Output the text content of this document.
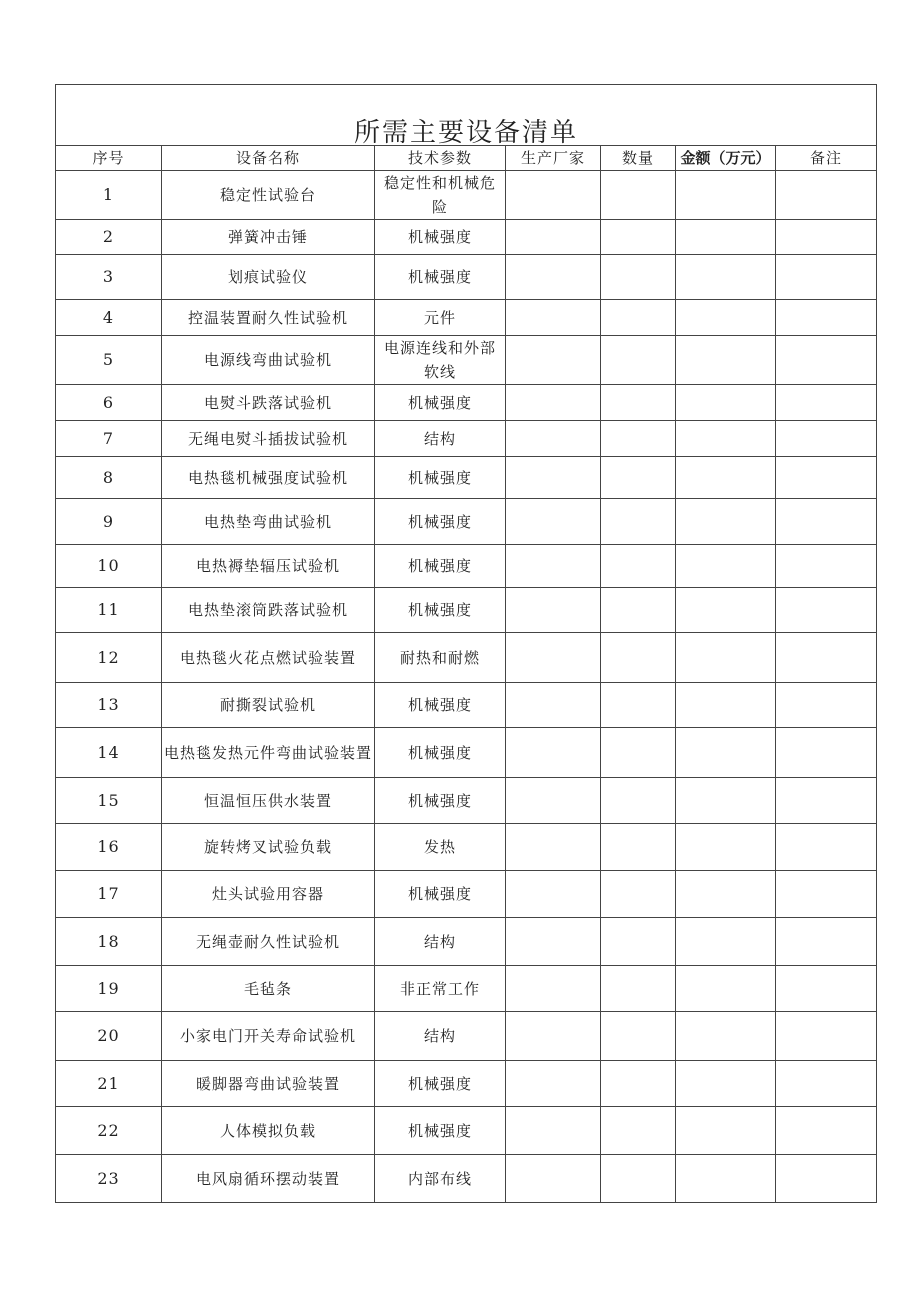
所需主要设备清单						
序号	设备名称	技术参数	生产厂家	数量	金额（万元）	备注
1	稳定性试验台	稳定性和机械危险				
2	弹簧冲击锤	机械强度				
3	划痕试验仪	机械强度				
4	控温装置耐久性试验机	元件				
5	电源线弯曲试验机	电源连线和外部软线				
6	电熨斗跌落试验机	机械强度				
7	无绳电熨斗插拔试验机	结构				
8	电热毯机械强度试验机	机械强度				
9	电热垫弯曲试验机	机械强度				
10	电热褥垫辐压试验机	机械强度				
11	电热垫滚筒跌落试验机	机械强度				
12	电热毯火花点燃试验装置	耐热和耐燃				
13	耐撕裂试验机	机械强度				
14	电热毯发热元件弯曲试验装置	机械强度				
15	恒温恒压供水装置	机械强度				
16	旋转烤叉试验负载	发热				
17	灶头试验用容器	机械强度				
18	无绳壶耐久性试验机	结构				
19	毛毡条	非正常工作				
20	小家电门开关寿命试验机	结构				
21	暖脚器弯曲试验装置	机械强度				
22	人体模拟负载	机械强度				
23	电风扇循环摆动装置	内部布线				
